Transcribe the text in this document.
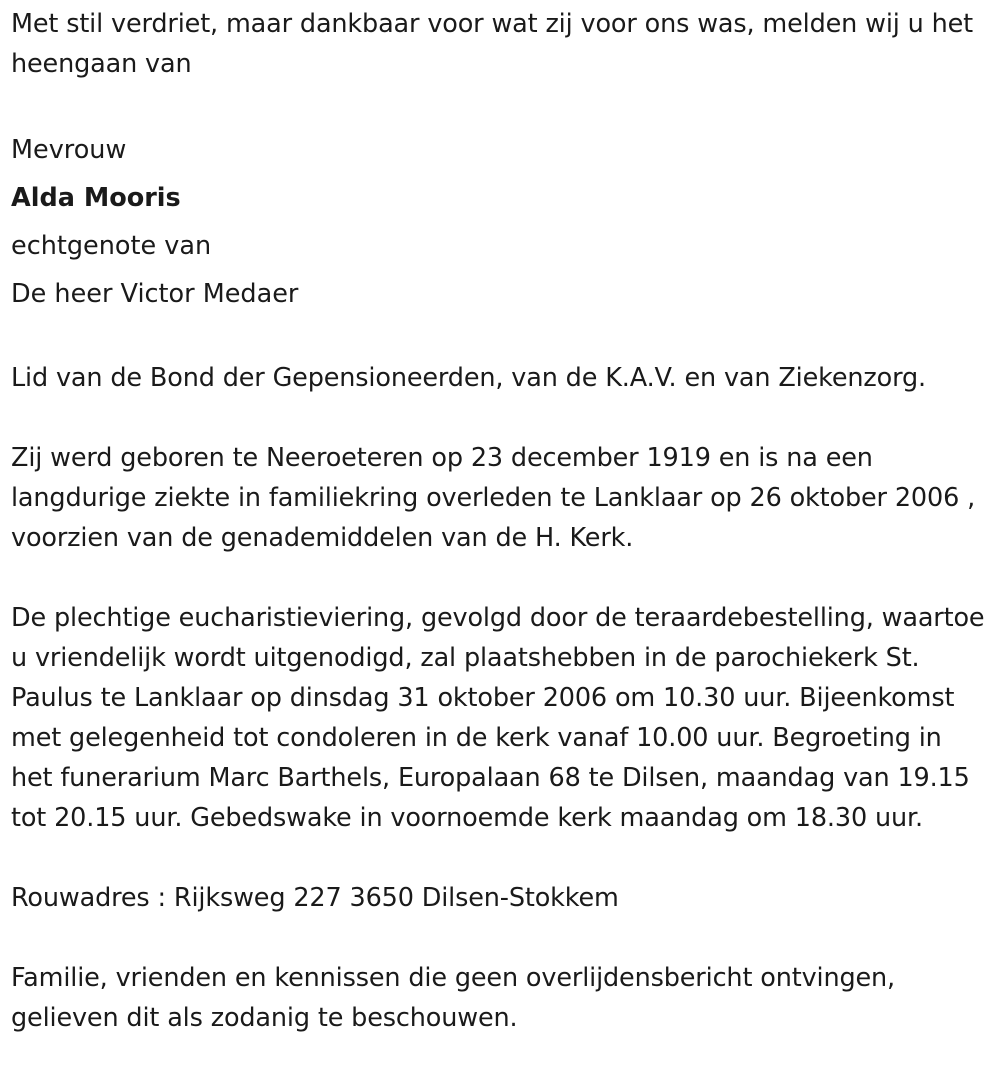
Met stil verdriet, maar dankbaar voor wat zij voor ons was, melden wij u het heengaan van

Mevrouw
Alda Mooris
echtgenote van
De heer Victor Medaer

Lid van de Bond der Gepensioneerden, van de K.A.V. en van Ziekenzorg.

Zij werd geboren te Neeroeteren op 23 december 1919 en is na een langdurige ziekte in familiekring overleden te Lanklaar op 26 oktober 2006 , voorzien van de genademiddelen van de H. Kerk.

De plechtige eucharistieviering, gevolgd door de teraardebestelling, waartoe u vriendelijk wordt uitgenodigd, zal plaatshebben in de parochiekerk St. Paulus te Lanklaar op dinsdag 31 oktober 2006 om 10.30 uur. Bijeenkomst met gelegenheid tot condoleren in de kerk vanaf 10.00 uur. Begroeting in het funerarium Marc Barthels, Europalaan 68 te Dilsen, maandag van 19.15 tot 20.15 uur. Gebedswake in voornoemde kerk maandag om 18.30 uur.

Rouwadres : Rijksweg 227 3650 Dilsen-Stokkem

Familie, vrienden en kennissen die geen overlijdensbericht ontvingen, gelieven dit als zodanig te beschouwen.
